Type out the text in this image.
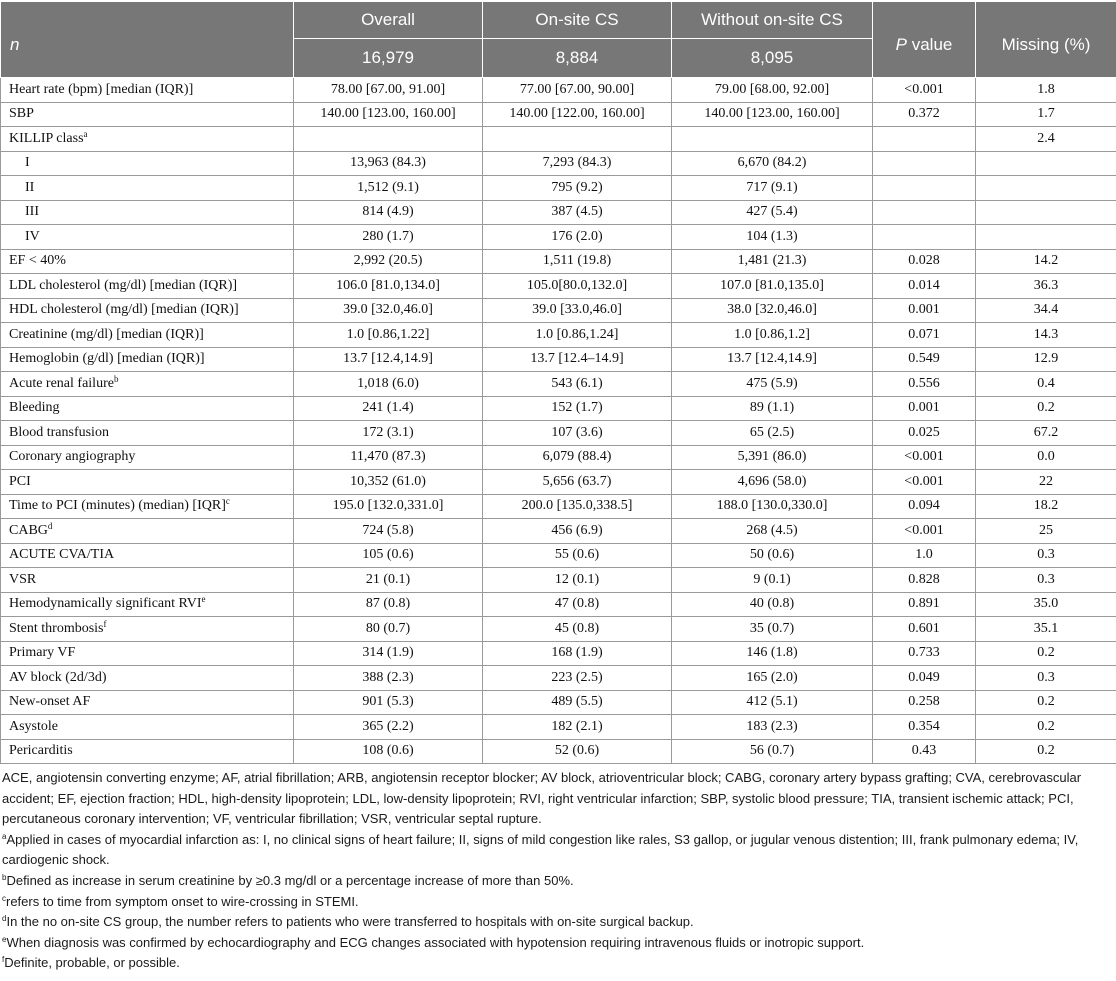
n	Overall	On-site CS	Without on-site CS	P value	Missing (%)
	16,979	8,884	8,095		
Heart rate (bpm) [median (IQR)]	78.00 [67.00, 91.00]	77.00 [67.00, 90.00]	79.00 [68.00, 92.00]	<0.001	1.8
SBP	140.00 [123.00, 160.00]	140.00 [122.00, 160.00]	140.00 [123.00, 160.00]	0.372	1.7
KILLIP class$^a$					2.4
I	13,963 (84.3)	7,293 (84.3)	6,670 (84.2)		
II	1,512 (9.1)	795 (9.2)	717 (9.1)		
III	814 (4.9)	387 (4.5)	427 (5.4)		
IV	280 (1.7)	176 (2.0)	104 (1.3)		
EF < 40%	2,992 (20.5)	1,511 (19.8)	1,481 (21.3)	0.028	14.2
LDL cholesterol (mg/dl) [median (IQR)]	106.0 [81.0,134.0]	105.0[80.0,132.0]	107.0 [81.0,135.0]	0.014	36.3
HDL cholesterol (mg/dl) [median (IQR)]	39.0 [32.0,46.0]	39.0 [33.0,46.0]	38.0 [32.0,46.0]	0.001	34.4
Creatinine (mg/dl) [median (IQR)]	1.0 [0.86,1.22]	1.0 [0.86,1.24]	1.0 [0.86,1.2]	0.071	14.3
Hemoglobin (g/dl) [median (IQR)]	13.7 [12.4,14.9]	13.7 [12.4–14.9]	13.7 [12.4,14.9]	0.549	12.9
Acute renal failure$^b$	1,018 (6.0)	543 (6.1)	475 (5.9)	0.556	0.4
Bleeding	241 (1.4)	152 (1.7)	89 (1.1)	0.001	0.2
Blood transfusion	172 (3.1)	107 (3.6)	65 (2.5)	0.025	67.2
Coronary angiography	11,470 (87.3)	6,079 (88.4)	5,391 (86.0)	<0.001	0.0
PCI	10,352 (61.0)	5,656 (63.7)	4,696 (58.0)	<0.001	22
Time to PCI (minutes) (median) [IQR]$^c$	195.0 [132.0,331.0]	200.0 [135.0,338.5]	188.0 [130.0,330.0]	0.094	18.2
CABG$^d$	724 (5.8)	456 (6.9)	268 (4.5)	<0.001	25
ACUTE CVA/TIA	105 (0.6)	55 (0.6)	50 (0.6)	1.0	0.3
VSR	21 (0.1)	12 (0.1)	9 (0.1)	0.828	0.3
Hemodynamically significant RVI$^e$	87 (0.8)	47 (0.8)	40 (0.8)	0.891	35.0
Stent thrombosis$^f$	80 (0.7)	45 (0.8)	35 (0.7)	0.601	35.1
Primary VF	314 (1.9)	168 (1.9)	146 (1.8)	0.733	0.2
AV block (2d/3d)	388 (2.3)	223 (2.5)	165 (2.0)	0.049	0.3
New-onset AF	901 (5.3)	489 (5.5)	412 (5.1)	0.258	0.2
Asystole	365 (2.2)	182 (2.1)	183 (2.3)	0.354	0.2
Pericarditis	108 (0.6)	52 (0.6)	56 (0.7)	0.43	0.2

ACE, angiotensin converting enzyme; AF, atrial fibrillation; ARB, angiotensin receptor blocker; AV block, atrioventricular block; CABG, coronary artery bypass grafting; CVA, cerebrovascular accident; EF, ejection fraction; HDL, high-density lipoprotein; LDL, low-density lipoprotein; RVI, right ventricular infarction; SBP, systolic blood pressure; TIA, transient ischemic attack; PCI, percutaneous coronary intervention; VF, ventricular fibrillation; VSR, ventricular septal rupture.

$^a$Applied in cases of myocardial infarction as: I, no clinical signs of heart failure; II, signs of mild congestion like rales, S3 gallop, or jugular venous distention; III, frank pulmonary edema; IV, cardiogenic shock.

$^b$Defined as increase in serum creatinine by ≥0.3 mg/dl or a percentage increase of more than 50%.

$^c$refers to time from symptom onset to wire-crossing in STEMI.

$^d$In the no on-site CS group, the number refers to patients who were transferred to hospitals with on-site surgical backup.

$^e$When diagnosis was confirmed by echocardiography and ECG changes associated with hypotension requiring intravenous fluids or inotropic support.

$^f$Definite, probable, or possible.
